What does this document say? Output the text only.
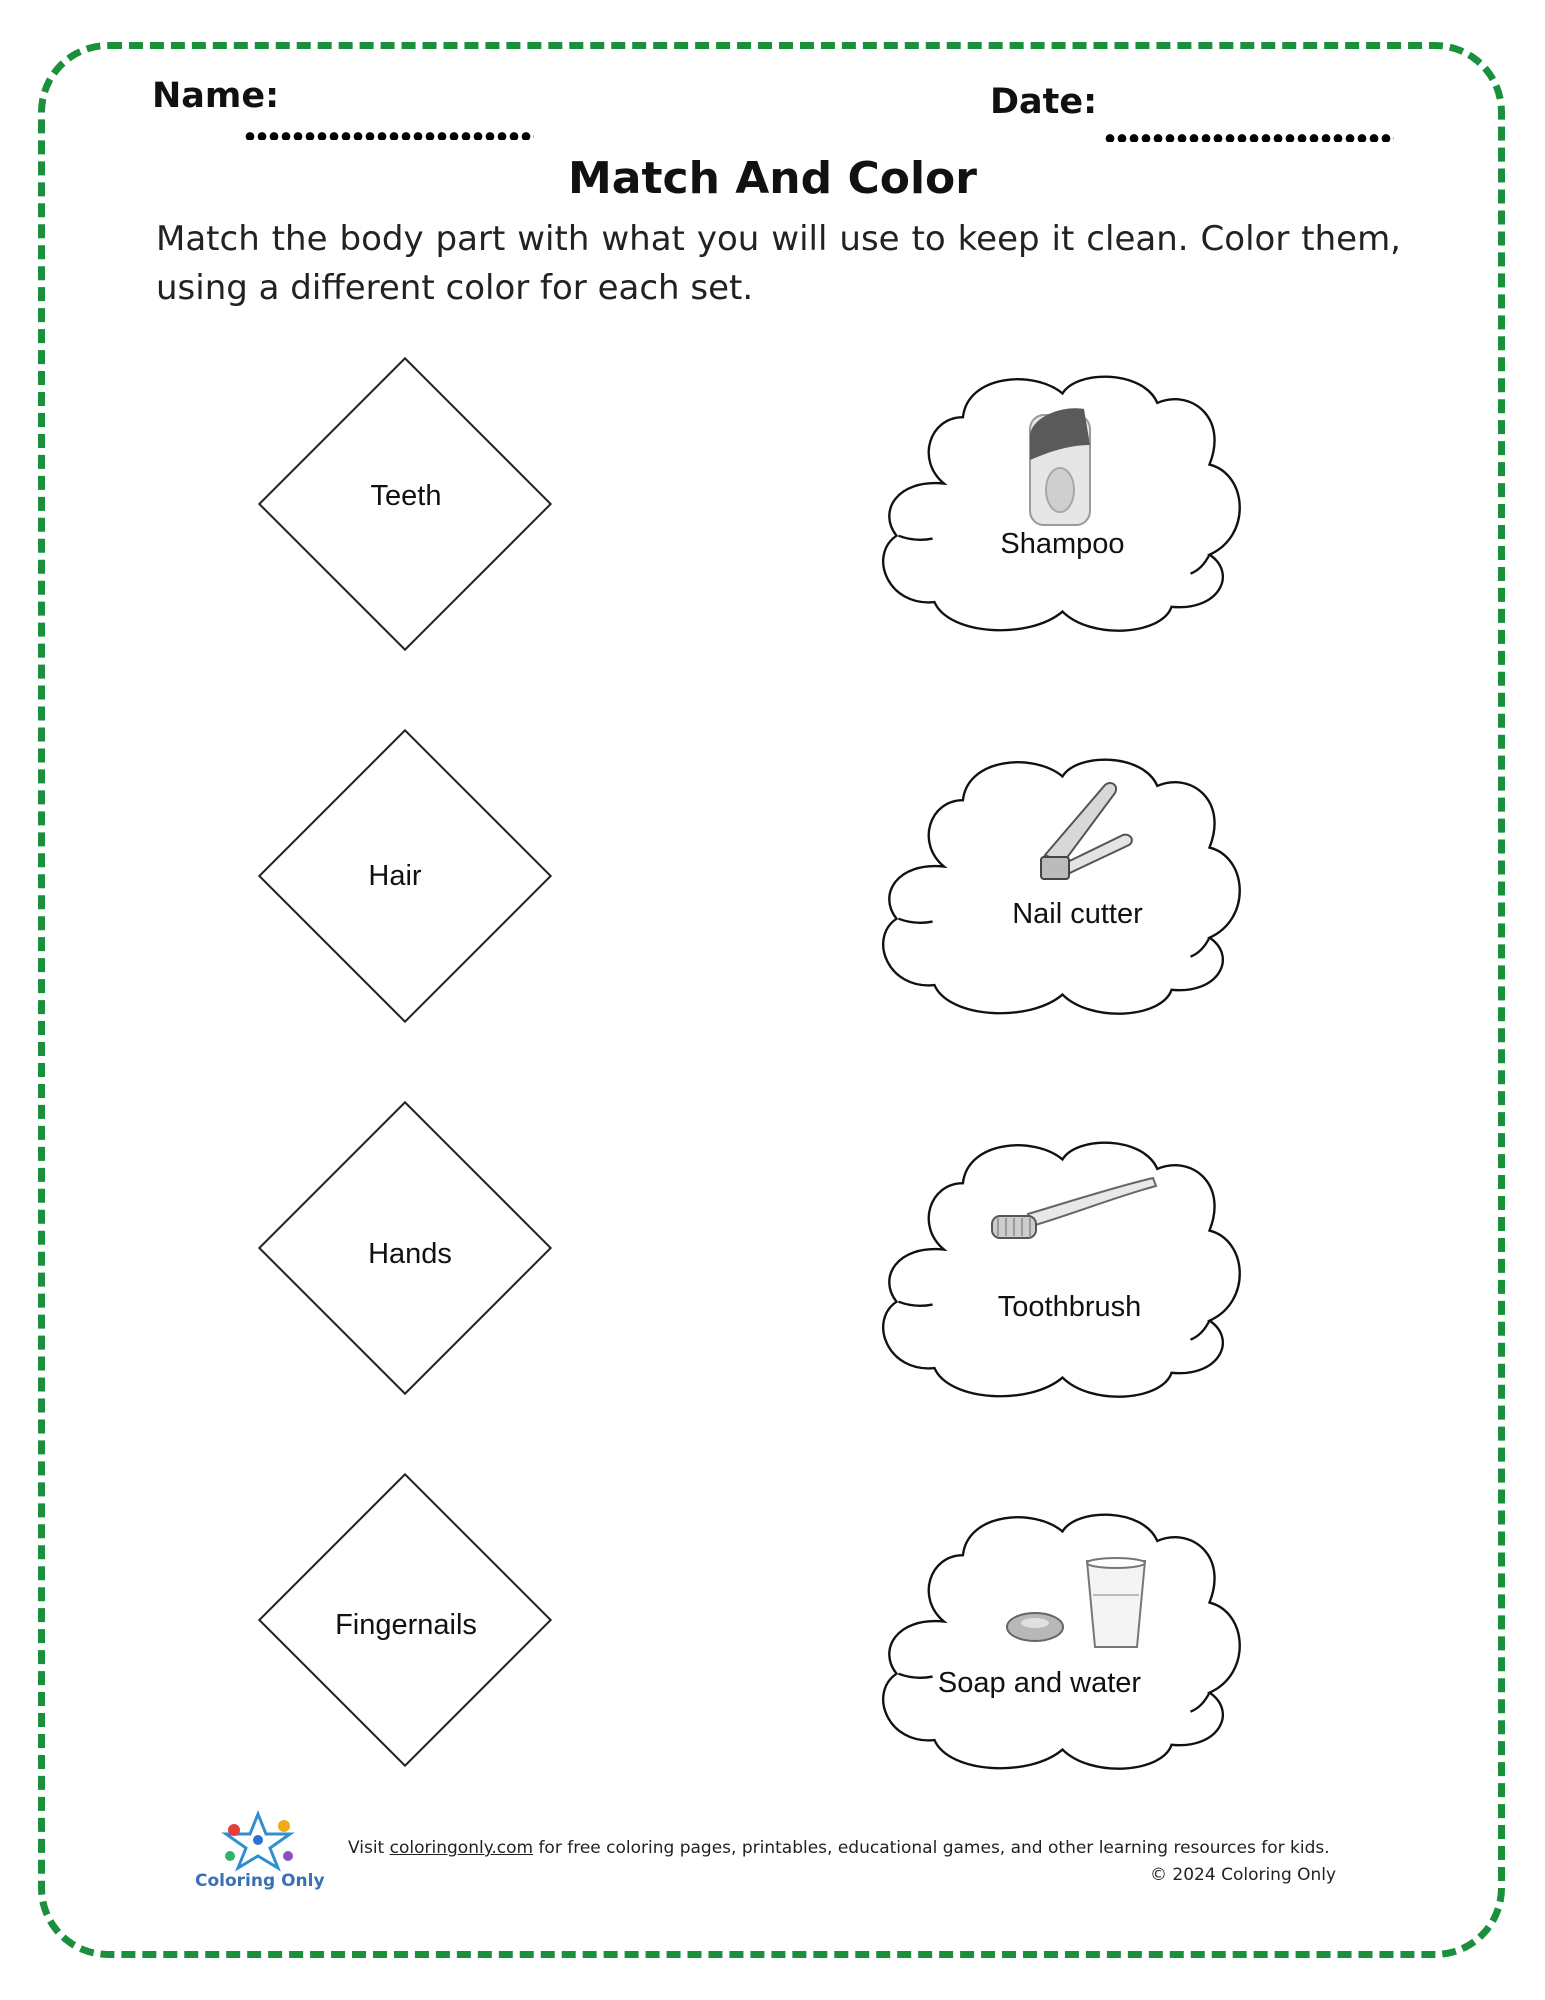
Name:	Date:
Match And Color
Match the body part with what you will use to keep it clean. Color them, using a different color for each set.
Teeth
Hair
Hands
Fingernails
Shampoo
Nail cutter
Toothbrush
Soap and water
Coloring Only
Visit coloringonly.com for free coloring pages, printables, educational games, and other learning resources for kids.
© 2024 Coloring Only
